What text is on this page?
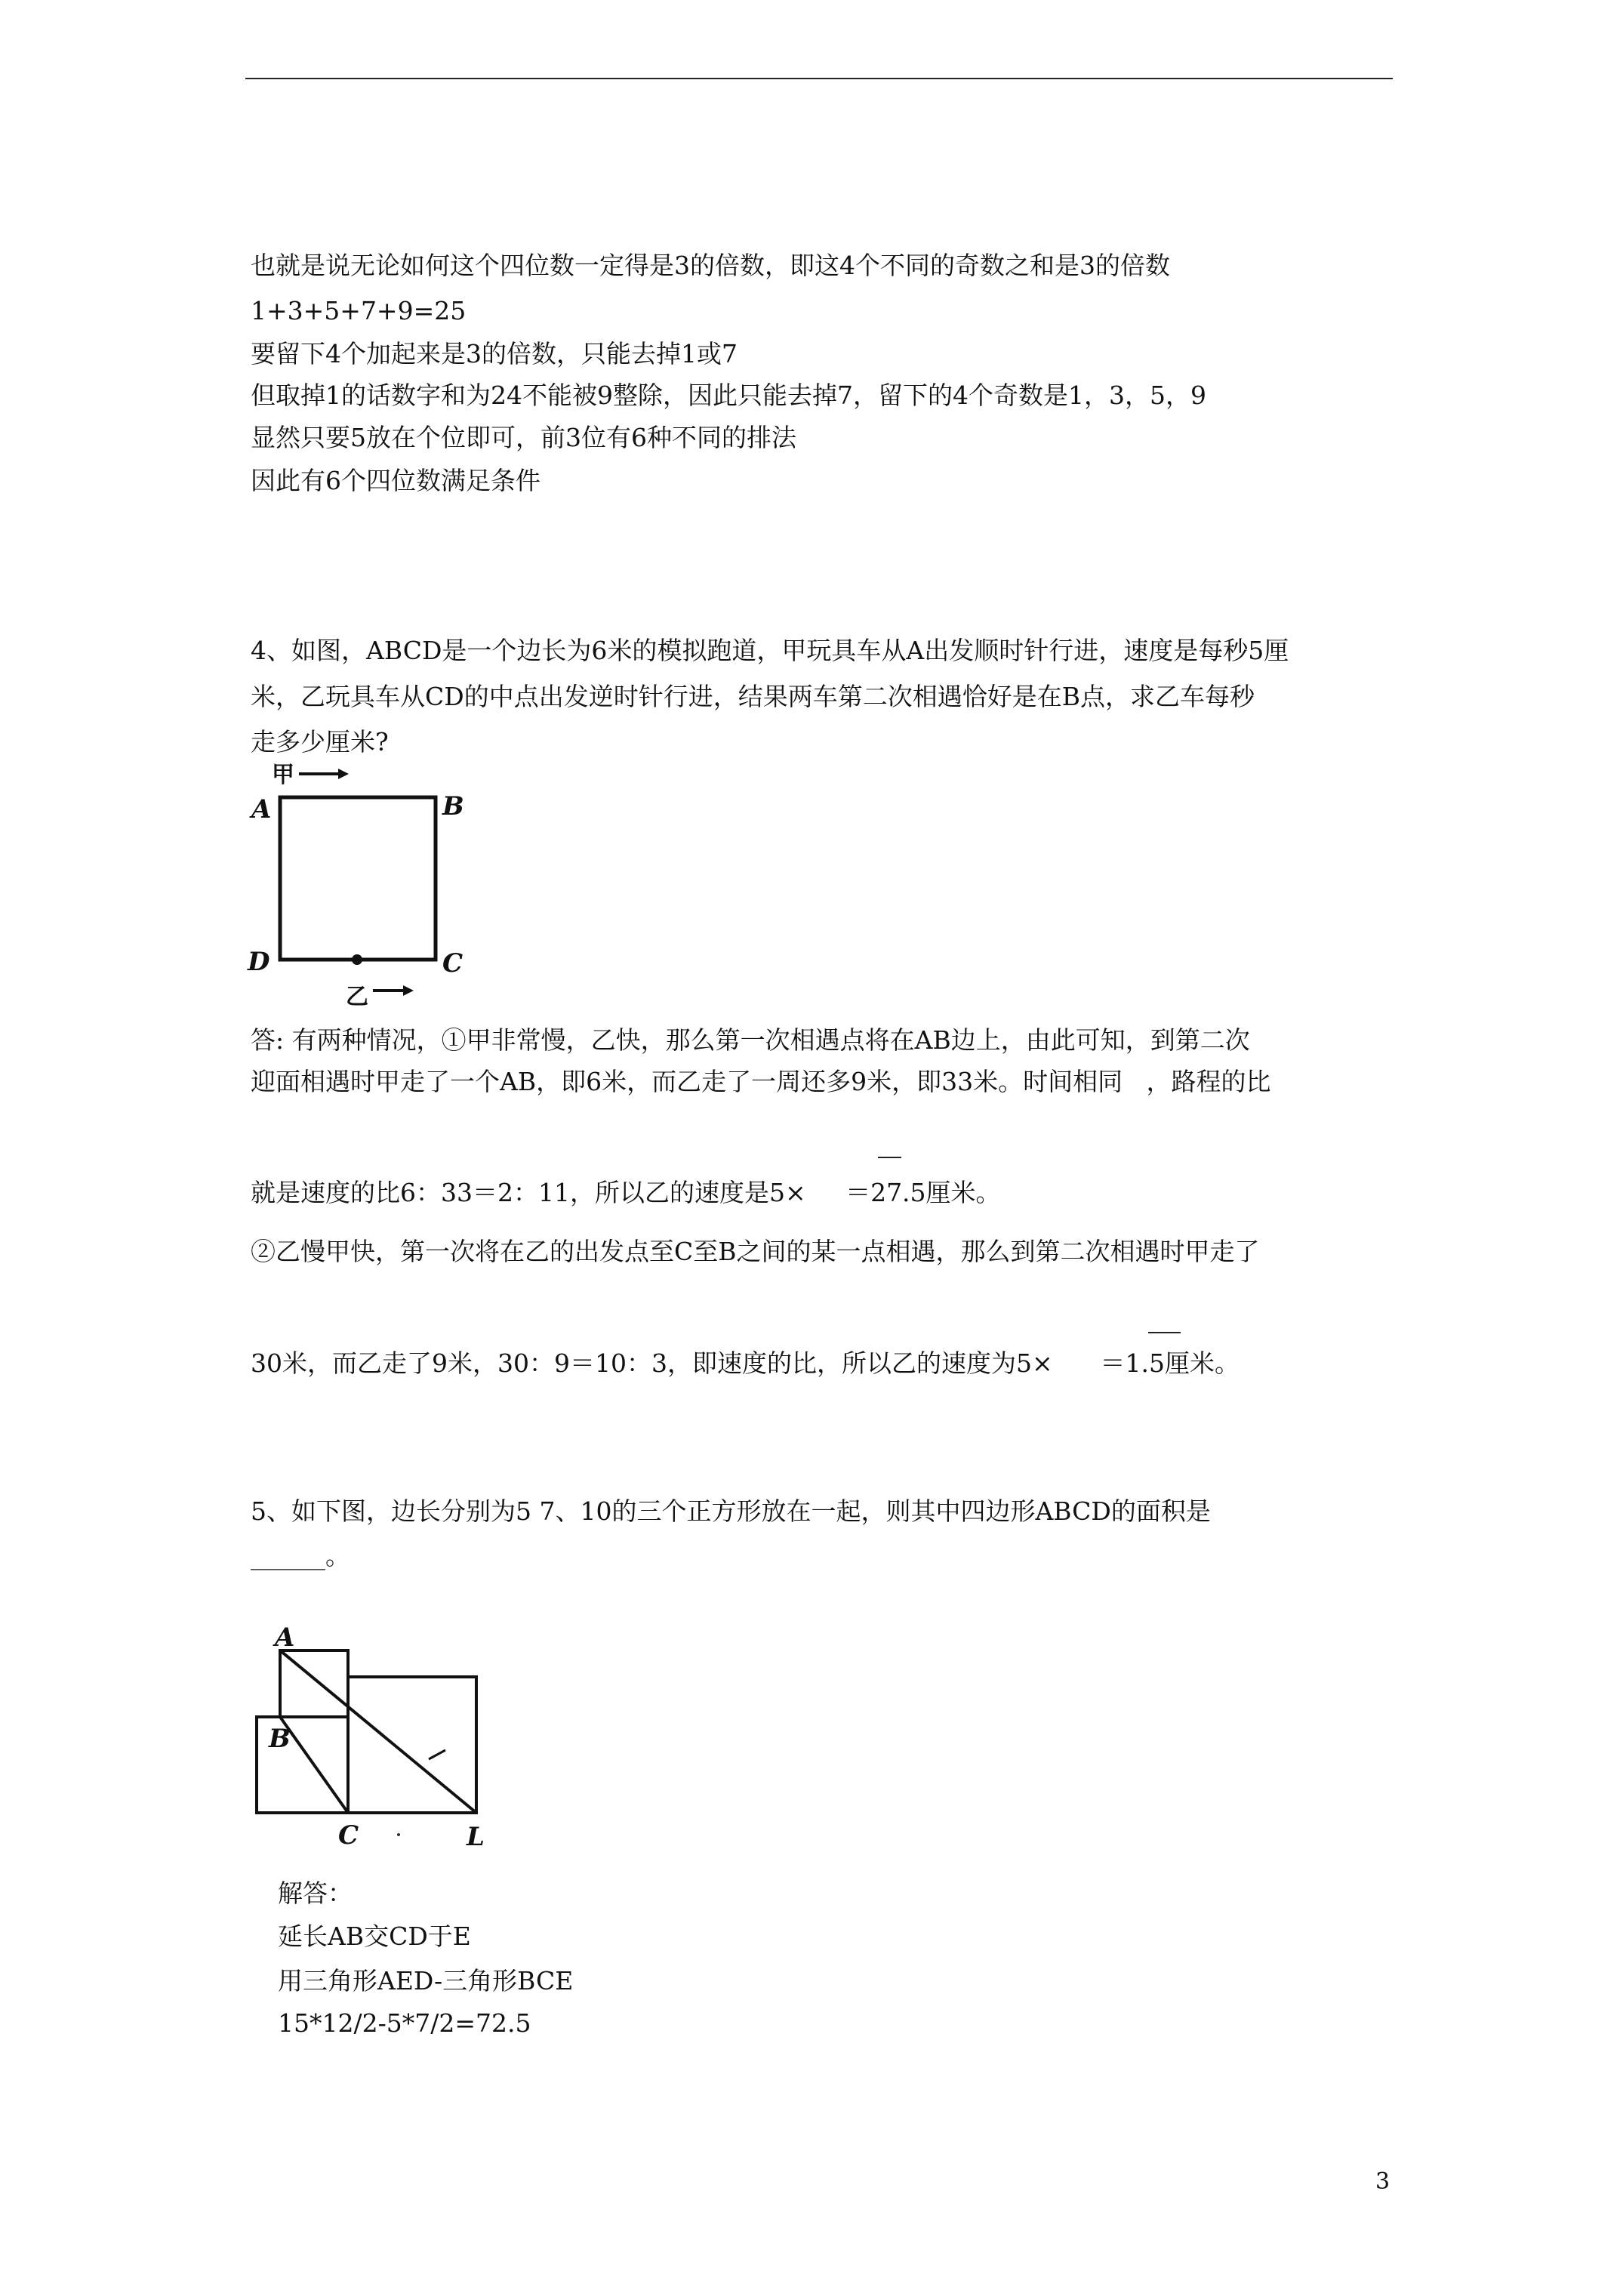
也就是说无论如何这个四位数一定得是3的倍数，即这4个不同的奇数之和是3的倍数
1+3+5+7+9=25
要留下4个加起来是3的倍数，只能去掉1或7
但取掉1的话数字和为24不能被9整除，因此只能去掉7，留下的4个奇数是1，3，5，9
显然只要5放在个位即可，前3位有6种不同的排法
因此有6个四位数满足条件
4、如图，ABCD是一个边长为6米的模拟跑道，甲玩具车从A出发顺时针行进，速度是每秒5厘
米，乙玩具车从CD的中点出发逆时针行进，结果两车第二次相遇恰好是在B点，求乙车每秒
走多少厘米?
答: 有两种情况，①甲非常慢，乙快，那么第一次相遇点将在AB边上，由此可知，到第二次
迎面相遇时甲走了一个AB，即6米，而乙走了一周还多9米，即33米。时间相同   ，路程的比
就是速度的比6：33＝2：11，所以乙的速度是5×     ＝27.5厘米。
②乙慢甲快，第一次将在乙的出发点至C至B之间的某一点相遇，那么到第二次相遇时甲走了
30米，而乙走了9米，30：9＝10：3，即速度的比，所以乙的速度为5×      ＝1.5厘米。
5、如下图，边长分别为5 7、10的三个正方形放在一起，则其中四边形ABCD的面积是
______。
解答：
延长AB交CD于E
用三角形AED-三角形BCE
15*12/2-5*7/2=72.5
3
A	B
C
D
甲
乙
A
B
C	L
